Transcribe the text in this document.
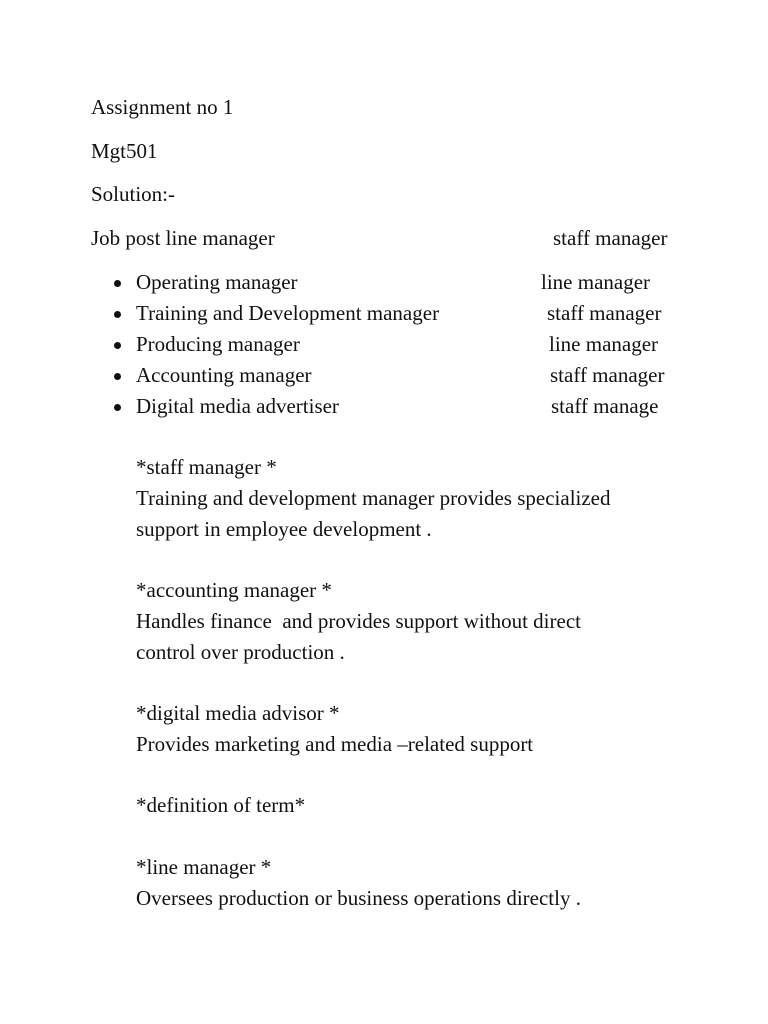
Assignment no 1
Mgt501
Solution:-
Job post line manager	staff manager
Operating manager	line manager
Training and Development manager	staff manager
Producing manager	line manager
Accounting manager	staff manager
Digital media advertiser	staff manage
*staff manager *
Training and development manager provides specialized
support in employee development .
*accounting manager *
Handles finance  and provides support without direct
control over production .
*digital media advisor *
Provides marketing and media –related support
*definition of term*
*line manager *
Oversees production or business operations directly .
